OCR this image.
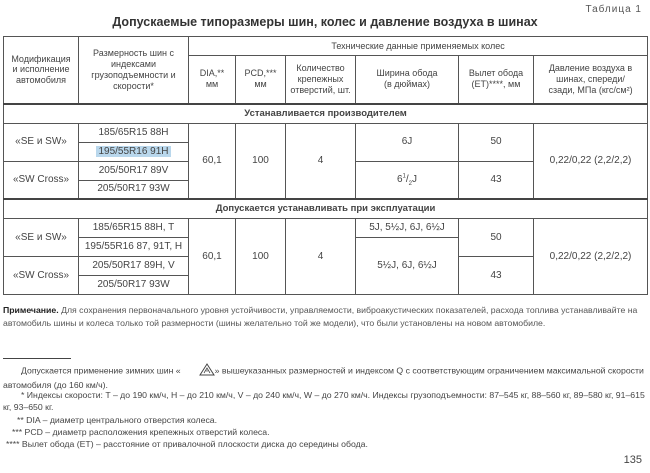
Таблица 1
Допускаемые типоразмеры шин, колес и давление воздуха в шинах
Модификация и исполнение автомобиля	Размерность шин с индексами грузоподъемности и скорости*	Технические данные применяемых колес					
		DIA,** мм	PCD,*** мм	Количество крепежных отверстий, шт.	Ширина обода (в дюймах)	Вылет обода (ЕТ)****, мм	Давление воздуха в шинах, спереди/сзади, МПа (кгс/см²)
Устанавливается производителем							
«SE и SW»	185/65R15 88H	60,1	100	4	6J	50	0,22/0,22 (2,2/2,2)
	195/55R16 91H						
«SW Cross»	205/50R17 89V				$6^1/_2J$	43	
	205/50R17 93W						
Допускается устанавливать при эксплуатации							
«SE и SW»	185/65R15 88H, T	60,1	100	4	5J, 5½J, 6J, 6½J	50	0,22/0,22 (2,2/2,2)
	195/55R16 87, 91T, H				5½J, 6J, 6½J		
«SW Cross»	205/50R17 89H, V					43	
	205/50R17 93W						
Примечание. Для сохранения первоначального уровня устойчивости, управляемости, виброакустических показателей, расхода топлива устанавливайте на автомобиль шины и колеса только той размерности (шины желательно той же модели), что были установлены на новом автомобиле.
Допускается применение зимних шин «	* » вышеуказанных размерностей и индексом Q с соответствующим ограничением максимальной скорости автомобиля (до 160 км/ч).
* Индексы скорости: T – до 190 км/ч, H – до 210 км/ч, V – до 240 км/ч, W – до 270 км/ч. Индексы грузоподъемности: 87–545 кг, 88–560 кг, 89–580 кг, 91–615 кг, 93–650 кг.
** DIA – диаметр центрального отверстия колеса.
*** PCD – диаметр расположения крепежных отверстий колеса.
**** Вылет обода (ЕТ) – расстояние от привалочной плоскости диска до середины обода.
135
